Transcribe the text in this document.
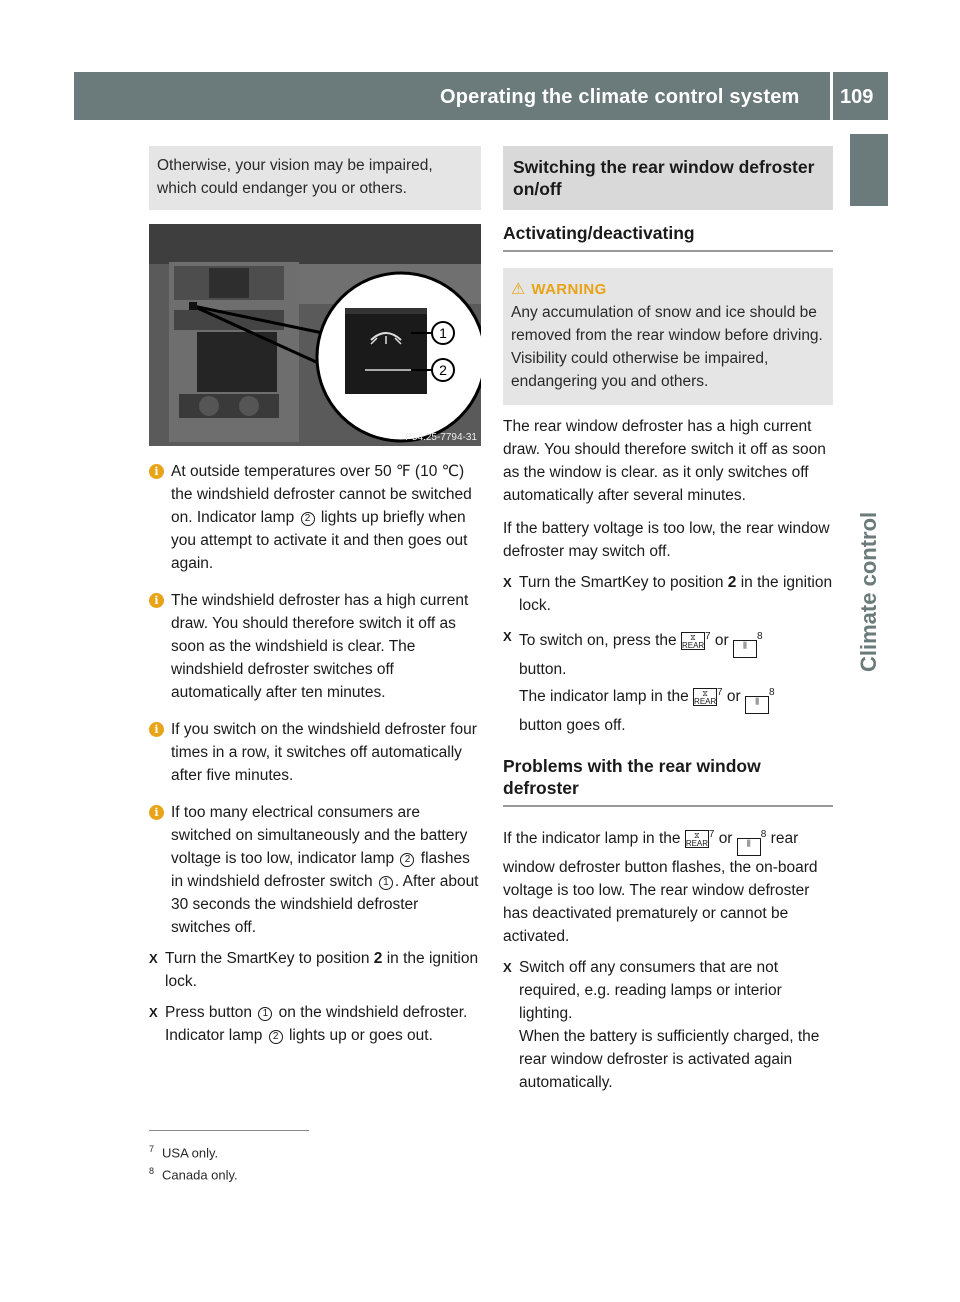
Operating the climate control system 109
Climate control
Otherwise, your vision may be impaired, which could endanger you or others.
1
2
P54.25-7794-31
i At outside temperatures over 50 ℉ (10 ℃) the windshield defroster cannot be switched on. Indicator lamp 2 lights up briefly when you attempt to activate it and then goes out again.
i The windshield defroster has a high current draw. You should therefore switch it off as soon as the windshield is clear. The windshield defroster switches off automatically after ten minutes.
i If you switch on the windshield defroster four times in a row, it switches off automatically after five minutes.
i If too many electrical consumers are switched on simultaneously and the battery voltage is too low, indicator lamp 2 flashes in windshield defroster switch 1 . After about 30 seconds the windshield defroster switches off.
X Turn the SmartKey to position 2 in the ignition lock.
X Press button 1 on the windshield defroster.
Indicator lamp 2 lights up or goes out.
Switching the rear window defroster on/off
Activating/deactivating
⚠ WARNING
Any accumulation of snow and ice should be removed from the rear window before driving. Visibility could otherwise be impaired, endangering you and others.
The rear window defroster has a high current draw. You should therefore switch it off as soon as the window is clear. as it only switches off automatically after several minutes.
If the battery voltage is too low, the rear window defroster may switch off.
X Turn the SmartKey to position 2 in the ignition lock.
X To switch on, press the ⧖
REAR$^7$ or ⫼$^8$
button.
The indicator lamp in the ⧖
REAR$^7$ or ⫼$^8$
button goes off.
Problems with the rear window defroster
If the indicator lamp in the ⧖
REAR$^7$ or ⫼$^8$ rear window defroster button flashes, the on-board voltage is too low. The rear window defroster has deactivated prematurely or cannot be activated.
X Switch off any consumers that are not required, e.g. reading lamps or interior lighting.
When the battery is sufficiently charged, the rear window defroster is activated again automatically.
$^7$ USA only.
$^8$ Canada only.
